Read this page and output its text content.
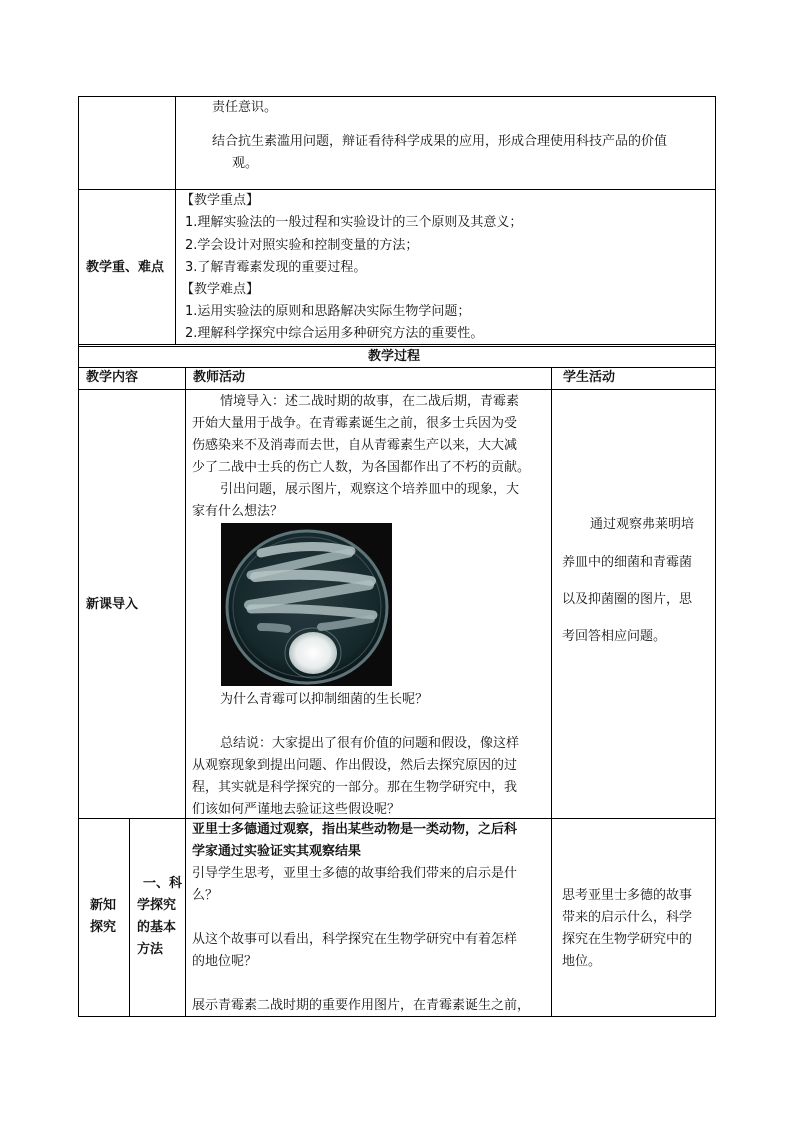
责任意识。
结合抗生素滥用问题，辩证看待科学成果的应用，形成合理使用科技产品的价值
观。
教学重、难点
【教学重点】
1.理解实验法的一般过程和实验设计的三个原则及其意义；
2.学会设计对照实验和控制变量的方法；
3.了解青霉素发现的重要过程。
【教学难点】
1.运用实验法的原则和思路解决实际生物学问题；
2.理解科学探究中综合运用多种研究方法的重要性。
教学过程
教学内容	教师活动	学生活动
新课导入
情境导入：述二战时期的故事，在二战后期，青霉素
开始大量用于战争。在青霉素诞生之前，很多士兵因为受
伤感染来不及消毒而去世，自从青霉素生产以来，大大减
少了二战中士兵的伤亡人数，为各国都作出了不朽的贡献。
引出问题，展示图片，观察这个培养皿中的现象，大
家有什么想法？
为什么青霉可以抑制细菌的生长呢？
总结说：大家提出了很有价值的问题和假设，像这样
从观察现象到提出问题、作出假设，然后去探究原因的过
程，其实就是科学探究的一部分。那在生物学研究中，我
们该如何严谨地去验证这些假设呢？
通过观察弗莱明培
养皿中的细菌和青霉菌
以及抑菌圈的图片，思
考回答相应问题。
新知
探究
一、科
学探究
的基本
方法
亚里士多德通过观察，指出某些动物是一类动物，之后科
学家通过实验证实其观察结果
引导学生思考，亚里士多德的故事给我们带来的启示是什
么？
从这个故事可以看出，科学探究在生物学研究中有着怎样
的地位呢？
展示青霉素二战时期的重要作用图片，在青霉素诞生之前，
思考亚里士多德的故事
带来的启示什么，科学
探究在生物学研究中的
地位。
